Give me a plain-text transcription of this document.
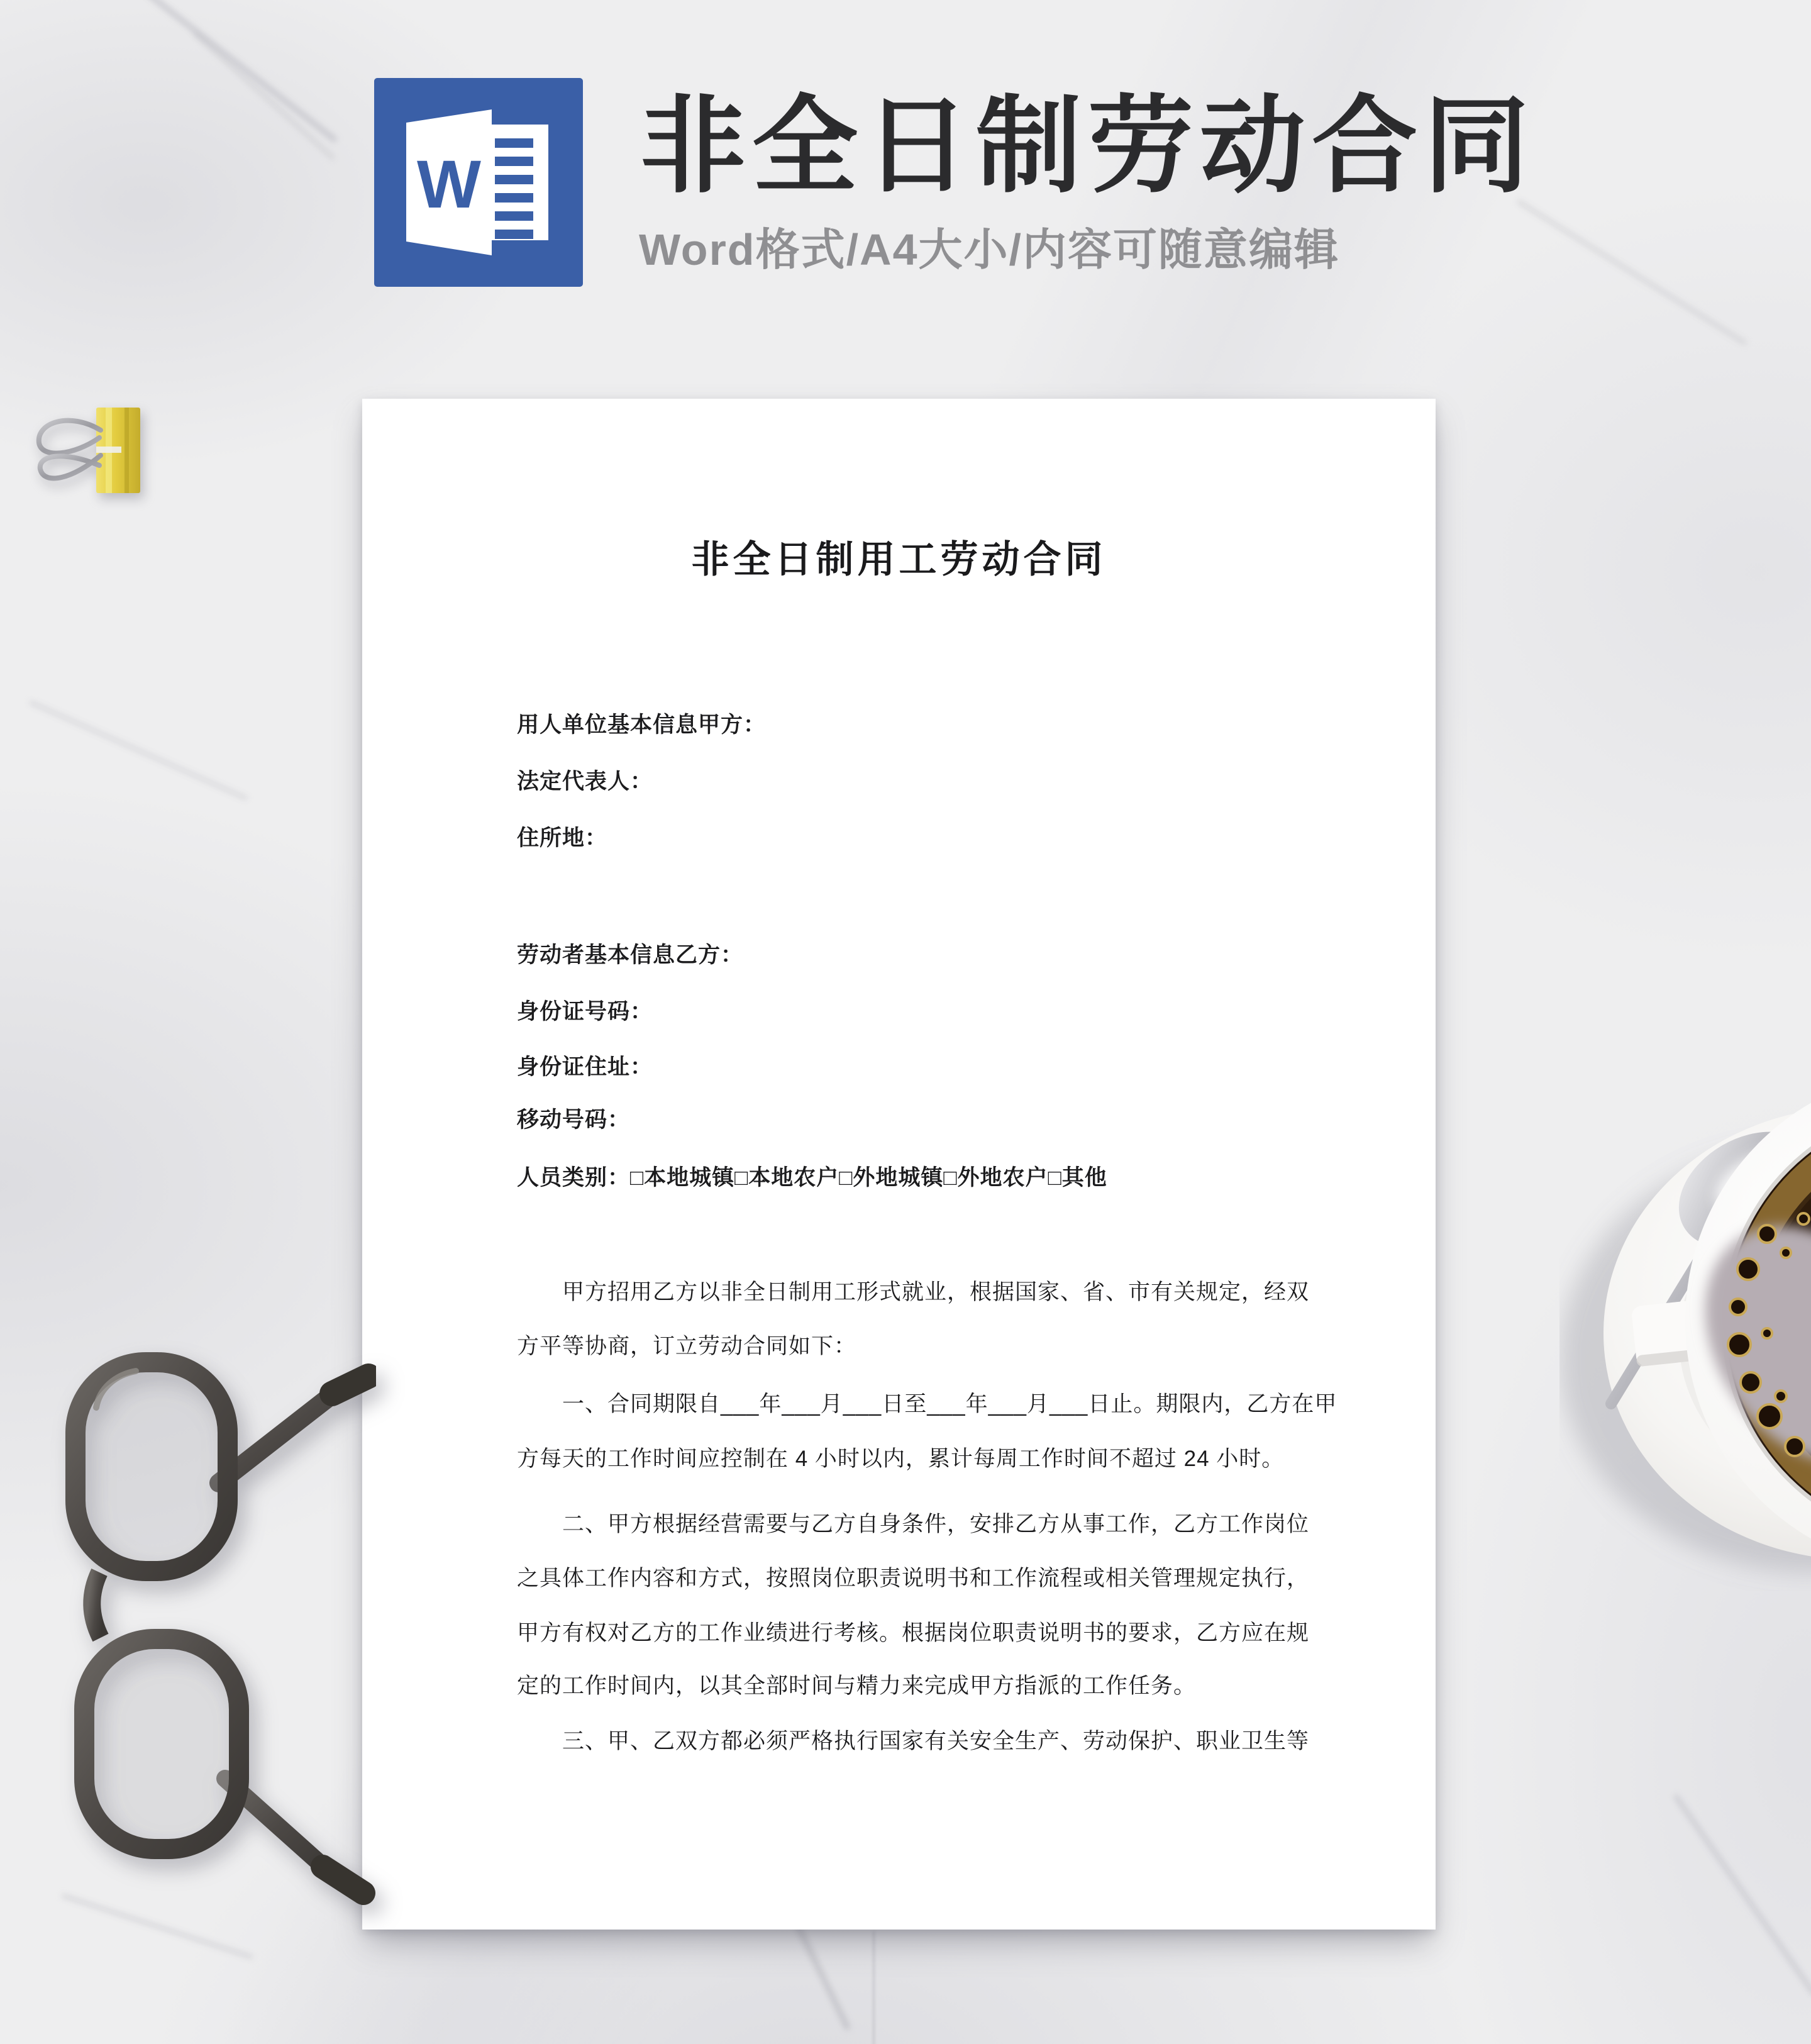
W 非全日制劳动合同
Word格式/A4大小/内容可随意编辑
非全日制用工劳动合同
用人单位基本信息甲方：
法定代表人：
住所地：
劳动者基本信息乙方：
身份证号码：
身份证住址：
移动号码：
人员类别：□本地城镇□本地农户□外地城镇□外地农户□其他
甲方招用乙方以非全日制用工形式就业，根据国家、省、市有关规定，经双
方平等协商，订立劳动合同如下：
一、合同期限自___年___月___日至___年___月___日止。期限内，乙方在甲
方每天的工作时间应控制在 4 小时以内，累计每周工作时间不超过 24 小时。
二、甲方根据经营需要与乙方自身条件，安排乙方从事工作，乙方工作岗位
之具体工作内容和方式，按照岗位职责说明书和工作流程或相关管理规定执行，
甲方有权对乙方的工作业绩进行考核。根据岗位职责说明书的要求，乙方应在规
定的工作时间内，以其全部时间与精力来完成甲方指派的工作任务。
三、甲、乙双方都必须严格执行国家有关安全生产、劳动保护、职业卫生等
